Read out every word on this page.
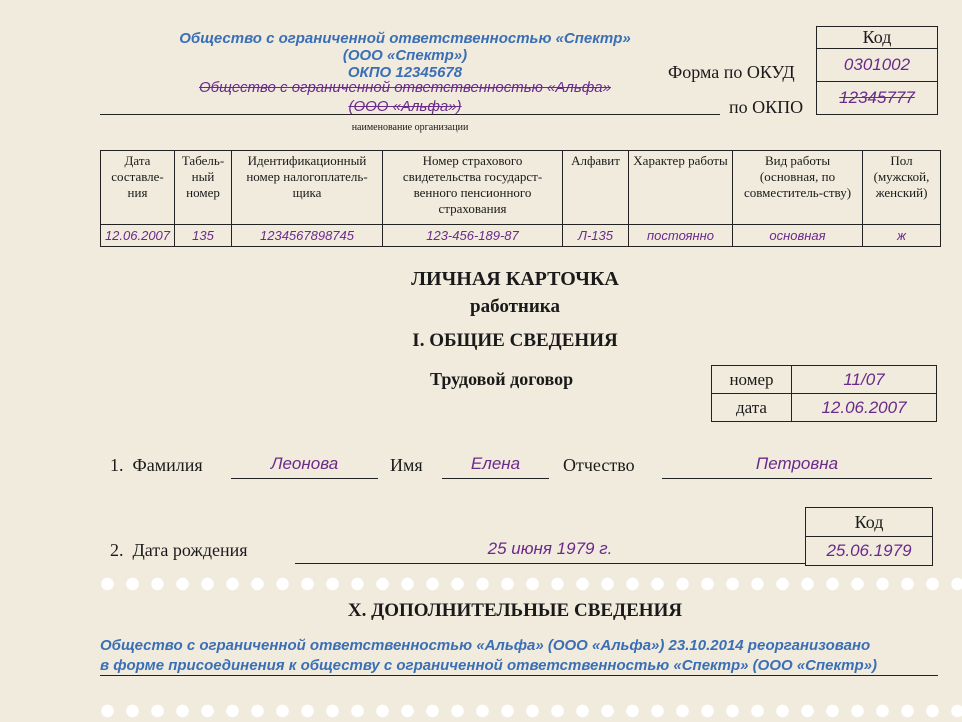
Общество с ограниченной ответственностью «Спектр»
(ООО «Спектр»)
ОКПО 12345678
Общество с ограниченной ответственностью «Альфа»
(ООО «Альфа»)
наименование организации
Форма по ОКУД
по ОКПО
Код
0301002
12345777
Дата составле-ния	Табель-ный номер	Идентификационный номер налогоплатель-щика	Номер страхового свидетельства государст-венного пенсионного страхования	Алфавит	Характер работы	Вид работы (основная, по совместитель-ству)	Пол (мужской, женский)
12.06.2007	135	1234567898745	123-456-189-87	Л-135	постоянно	основная	ж
ЛИЧНАЯ КАРТОЧКА
работника
I. ОБЩИЕ СВЕДЕНИЯ
Трудовой договор	номер	11/07
дата	12.06.2007
1. Фамилия	Леонова	Имя	Елена	Отчество	Петровна
2. Дата рождения	25 июня 1979 г.
Код
25.06.1979
X. ДОПОЛНИТЕЛЬНЫЕ СВЕДЕНИЯ
Общество с ограниченной ответственностью «Альфа» (ООО «Альфа») 23.10.2014 реорганизовано
в форме присоединения к обществу с ограниченной ответственностью «Спектр» (ООО «Спектр»)
